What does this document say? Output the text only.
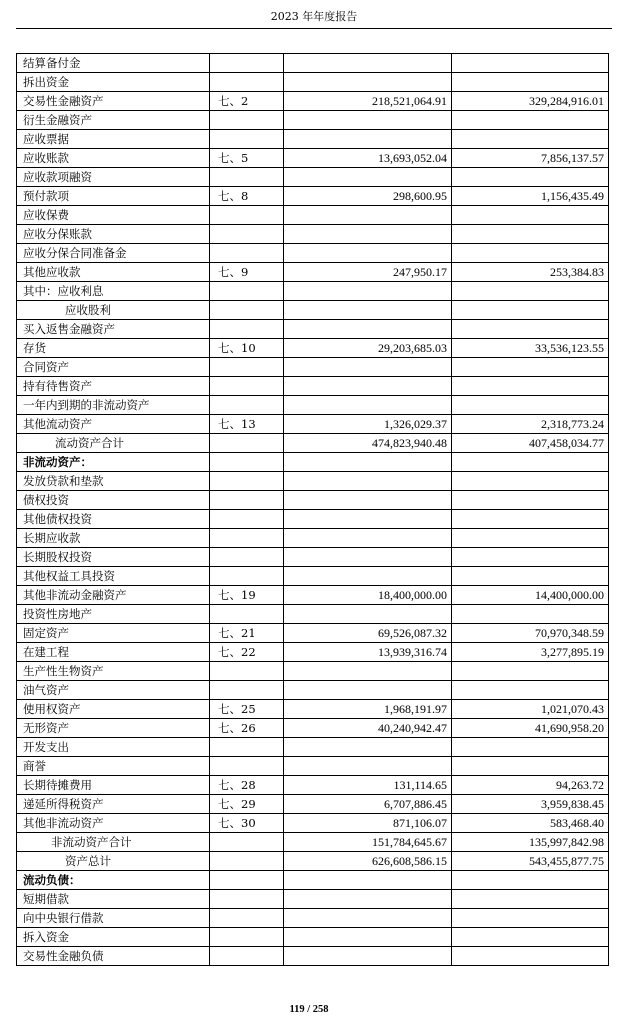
2023 年年度报告
结算备付金			
拆出资金			
交易性金融资产	七、2	218,521,064.91	329,284,916.01
衍生金融资产			
应收票据			
应收账款	七、5	13,693,052.04	7,856,137.57
应收款项融资			
预付款项	七、8	298,600.95	1,156,435.49
应收保费			
应收分保账款			
应收分保合同准备金			
其他应收款	七、9	247,950.17	253,384.83
其中：应收利息			
应收股利			
买入返售金融资产			
存货	七、10	29,203,685.03	33,536,123.55
合同资产			
持有待售资产			
一年内到期的非流动资产			
其他流动资产	七、13	1,326,029.37	2,318,773.24
流动资产合计		474,823,940.48	407,458,034.77
非流动资产：			
发放贷款和垫款			
债权投资			
其他债权投资			
长期应收款			
长期股权投资			
其他权益工具投资			
其他非流动金融资产	七、19	18,400,000.00	14,400,000.00
投资性房地产			
固定资产	七、21	69,526,087.32	70,970,348.59
在建工程	七、22	13,939,316.74	3,277,895.19
生产性生物资产			
油气资产			
使用权资产	七、25	1,968,191.97	1,021,070.43
无形资产	七、26	40,240,942.47	41,690,958.20
开发支出			
商誉			
长期待摊费用	七、28	131,114.65	94,263.72
递延所得税资产	七、29	6,707,886.45	3,959,838.45
其他非流动资产	七、30	871,106.07	583,468.40
非流动资产合计		151,784,645.67	135,997,842.98
资产总计		626,608,586.15	543,455,877.75
流动负债：			
短期借款			
向中央银行借款			
拆入资金			
交易性金融负债			
119 / 258
